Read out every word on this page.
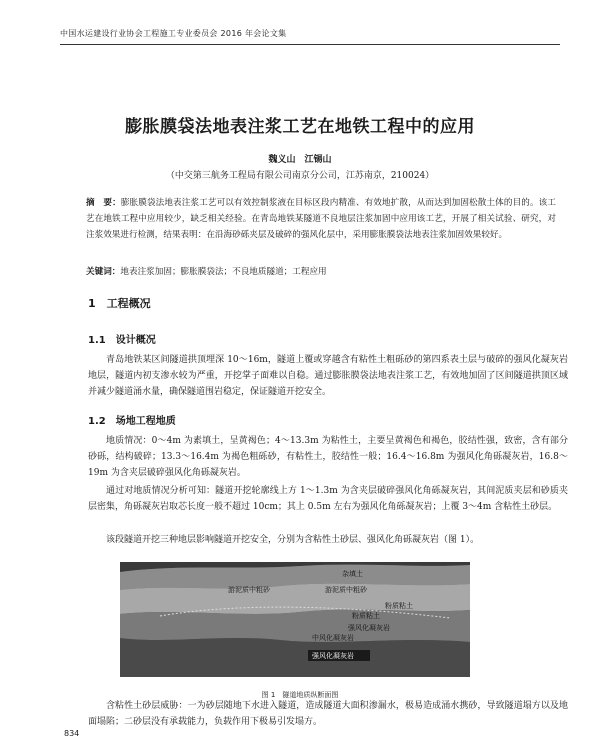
中国水运建设行业协会工程施工专业委员会 2016 年会论文集
膨胀膜袋法地表注浆工艺在地铁工程中的应用
魏义山　江锡山
（中交第三航务工程局有限公司南京分公司，江苏南京，210024）
摘　要：膨胀膜袋法地表注浆工艺可以有效控制浆液在目标区段内精准、有效地扩散，从而达到加固松散土体的目的。该工艺在地铁工程中应用较少，缺乏相关经验。在青岛地铁某隧道不良地层注浆加固中应用该工艺，开展了相关试验、研究，对注浆效果进行检测，结果表明：在沿海砂砾夹层及破碎的强风化层中，采用膨胀膜袋法地表注浆加固效果较好。
关键词：地表注浆加固；膨胀膜袋法；不良地质隧道；工程应用
1　工程概况
1.1　设计概况
青岛地铁某区间隧道拱顶埋深 10～16m，隧道上覆或穿越含有粘性土粗砾砂的第四系表土层与破碎的强风化凝灰岩地层，隧道内初支渗水较为严重，开挖掌子面难以自稳。通过膨胀膜袋法地表注浆工艺，有效地加固了区间隧道拱顶区域并减少隧道涌水量，确保隧道围岩稳定，保证隧道开挖安全。
1.2　场地工程地质
地质情况：0～4m 为素填土，呈黄褐色；4～13.3m 为粘性土，主要呈黄褐色和褐色，胶结性强，致密，含有部分砂砾，结构破碎；13.3～16.4m 为褐色粗砾砂，有粘性土，胶结性一般；16.4～16.8m 为强风化角砾凝灰岩，16.8～19m 为含夹层破碎强风化角砾凝灰岩。
通过对地质情况分析可知：隧道开挖轮廓线上方 1～1.3m 为含夹层破碎强风化角砾凝灰岩，其间泥质夹层和砂质夹层密集，角砾凝灰岩取芯长度一般不超过 10cm；其上 0.5m 左右为强风化角砾凝灰岩；上覆 3～4m 含粘性土砂层。
该段隧道开挖三种地层影响隧道开挖安全，分别为含粘性土砂层、强风化角砾凝灰岩（图 1）。
杂填土
游泥质中粗砂	游泥质中粗砂
粉质粘土
粉质粘土
强风化凝灰岩
中风化凝灰岩
强风化凝灰岩
图 1　隧道地质纵断面图
含粘性土砂层威胁：一为砂层随地下水进入隧道，造成隧道大面积渗漏水，极易造成涌水携砂，导致隧道塌方以及地面塌陷；二砂层没有承载能力，负载作用下极易引发塌方。
834
